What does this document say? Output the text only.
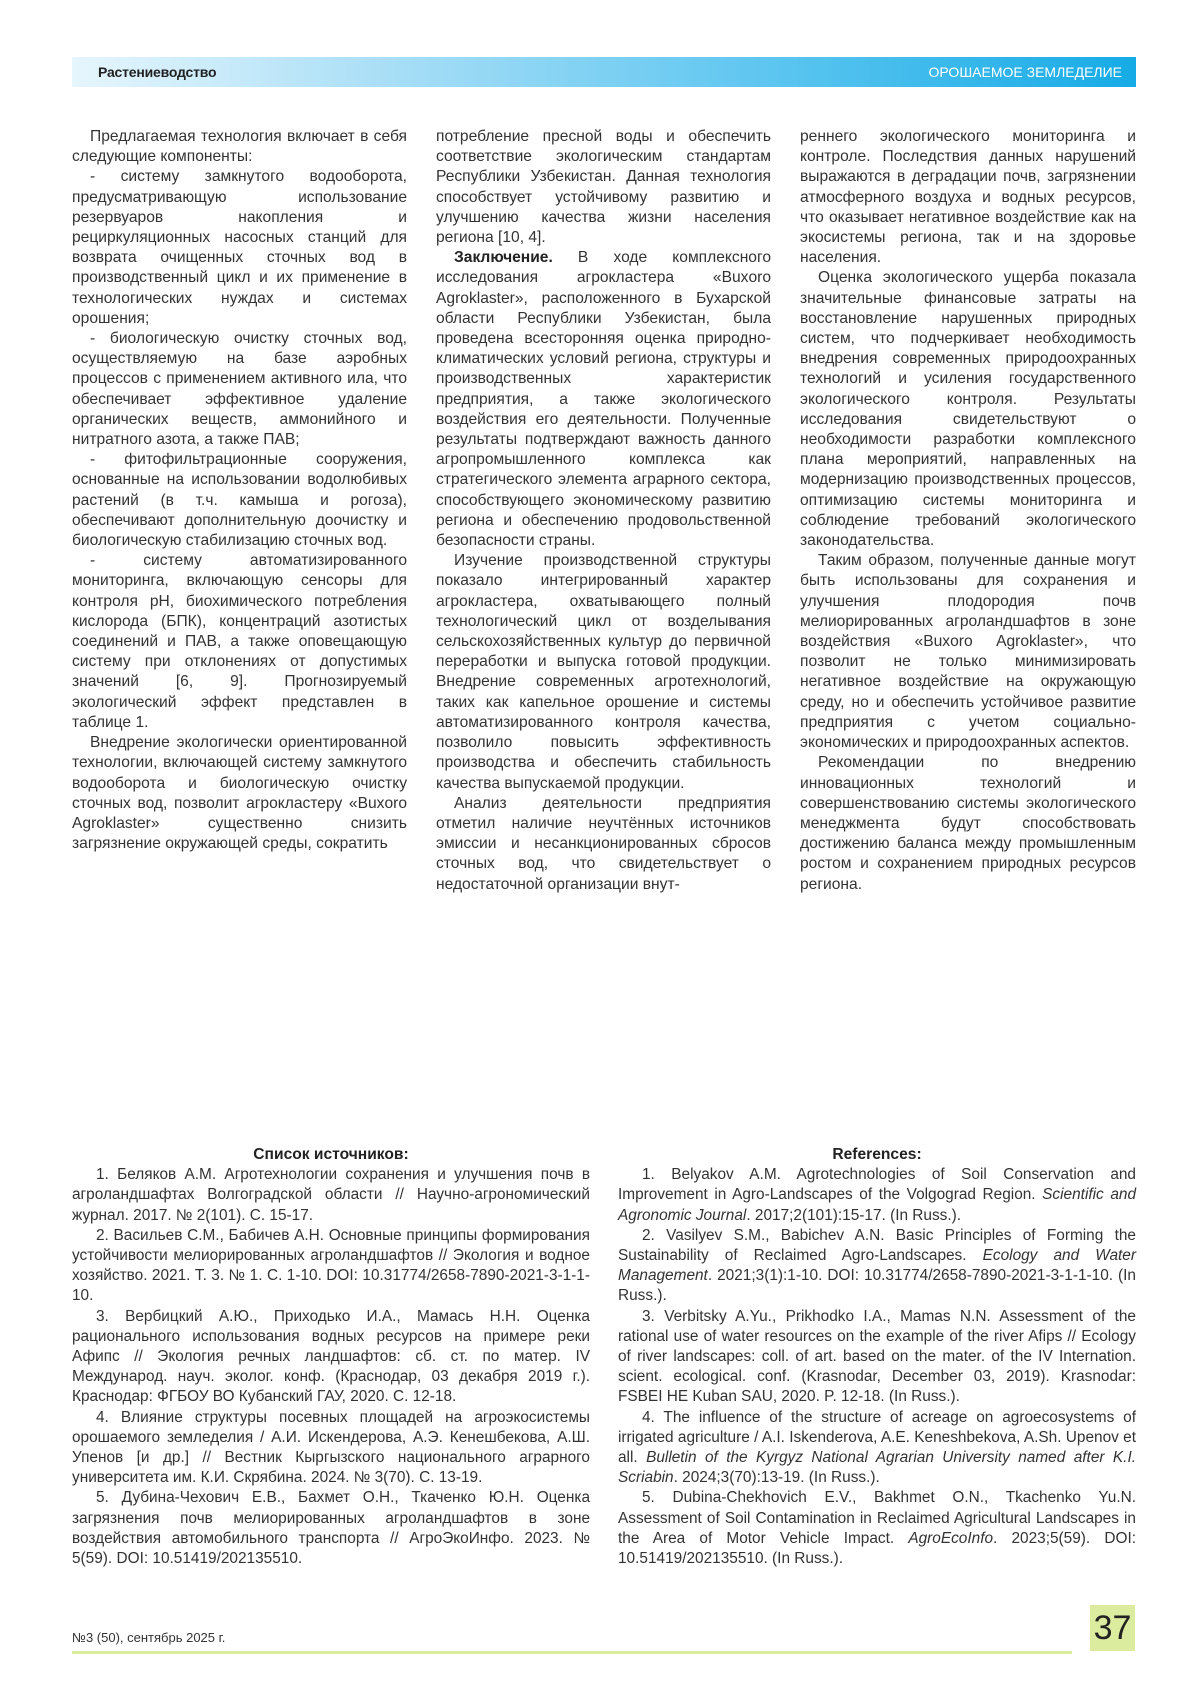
Растениеводство	ОРОШАЕМОЕ ЗЕМЛЕДЕЛИЕ

Предлагаемая технология включает в себя следующие компоненты:

- систему замкнутого водооборота, предусматривающую использование резервуаров накопления и рециркуляционных насосных станций для возврата очищенных сточных вод в производственный цикл и их применение в технологических нуждах и системах орошения;

- биологическую очистку сточных вод, осуществляемую на базе аэробных процессов с применением активного ила, что обеспечивает эффективное удаление органических веществ, аммонийного и нитратного азота, а также ПАВ;

- фитофильтрационные сооружения, основанные на использовании водолюбивых растений (в т.ч. камыша и рогоза), обеспечивают дополнительную доочистку и биологическую стабилизацию сточных вод.

- систему автоматизированного мониторинга, включающую сенсоры для контроля pH, биохимического потребления кислорода (БПК), концентраций азотистых соединений и ПАВ, а также оповещающую систему при отклонениях от допустимых значений [6, 9]. Прогнозируемый экологический эффект представлен в таблице 1.

Внедрение экологически ориентированной технологии, включающей систему замкнутого водооборота и биологическую очистку сточных вод, позволит агрокластеру «Buxoro Agroklaster» существенно снизить загрязнение окружающей среды, сократить

потребление пресной воды и обеспечить соответствие экологическим стандартам Республики Узбекистан. Данная технология способствует устойчивому развитию и улучшению качества жизни населения региона [10, 4].

Заключение. В ходе комплексного исследования агрокластера «Buxoro Agroklaster», расположенного в Бухарской области Республики Узбекистан, была проведена всесторонняя оценка природно-климатических условий региона, структуры и производственных характеристик предприятия, а также экологического воздействия его деятельности. Полученные результаты подтверждают важность данного агропромышленного комплекса как стратегического элемента аграрного сектора, способствующего экономическому развитию региона и обеспечению продовольственной безопасности страны.

Изучение производственной структуры показало интегрированный характер агрокластера, охватывающего полный технологический цикл от возделывания сельскохозяйственных культур до первичной переработки и выпуска готовой продукции. Внедрение современных агротехнологий, таких как капельное орошение и системы автоматизированного контроля качества, позволило повысить эффективность производства и обеспечить стабильность качества выпускаемой продукции.

Анализ деятельности предприятия отметил наличие неучтённых источников эмиссии и несанкционированных сбросов сточных вод, что свидетельствует о недостаточной организации внут-

реннего экологического мониторинга и контроле. Последствия данных нарушений выражаются в деградации почв, загрязнении атмосферного воздуха и водных ресурсов, что оказывает негативное воздействие как на экосистемы региона, так и на здоровье населения.

Оценка экологического ущерба показала значительные финансовые затраты на восстановление нарушенных природных систем, что подчеркивает необходимость внедрения современных природоохранных технологий и усиления государственного экологического контроля. Результаты исследования свидетельствуют о необходимости разработки комплексного плана мероприятий, направленных на модернизацию производственных процессов, оптимизацию системы мониторинга и соблюдение требований экологического законодательства.

Таким образом, полученные данные могут быть использованы для сохранения и улучшения плодородия почв мелиорированных агроландшафтов в зоне воздействия «Buxoro Agroklaster», что позволит не только минимизировать негативное воздействие на окружающую среду, но и обеспечить устойчивое развитие предприятия с учетом социально-экономических и природоохранных аспектов.

Рекомендации по внедрению инновационных технологий и совершенствованию системы экологического менеджмента будут способствовать достижению баланса между промышленным ростом и сохранением природных ресурсов региона.

Список источников:

1. Беляков А.М. Агротехнологии сохранения и улучшения почв в агроландшафтах Волгоградской области // Научно-агрономический журнал. 2017. № 2(101). С. 15-17.

2. Васильев С.М., Бабичев А.Н. Основные принципы формирования устойчивости мелиорированных агроландшафтов // Экология и водное хозяйство. 2021. Т. 3. № 1. С. 1-10. DOI: 10.31774/2658-7890-2021-3-1-1-10.

3. Вербицкий А.Ю., Приходько И.А., Мамась Н.Н. Оценка рационального использования водных ресурсов на примере реки Афипс // Экология речных ландшафтов: сб. ст. по матер. IV Международ. науч. эколог. конф. (Краснодар, 03 декабря 2019 г.). Краснодар: ФГБОУ ВО Кубанский ГАУ, 2020. С. 12-18.

4. Влияние структуры посевных площадей на агроэкосистемы орошаемого земледелия / А.И. Искендерова, А.Э. Кенешбекова, А.Ш. Упенов [и др.] // Вестник Кыргызского национального аграрного университета им. К.И. Скрябина. 2024. № 3(70). С. 13-19.

5. Дубина-Чехович Е.В., Бахмет О.Н., Ткаченко Ю.Н. Оценка загрязнения почв мелиорированных агроландшафтов в зоне воздействия автомобильного транспорта // АгроЭкоИнфо. 2023. № 5(59). DOI: 10.51419/202135510.

References:

1. Belyakov A.M. Agrotechnologies of Soil Conservation and Improvement in Agro-Landscapes of the Volgograd Region. Scientific and Agronomic Journal. 2017;2(101):15-17. (In Russ.).

2. Vasilyev S.M., Babichev A.N. Basic Principles of Forming the Sustainability of Reclaimed Agro-Landscapes. Ecology and Water Management. 2021;3(1):1-10. DOI: 10.31774/2658-7890-2021-3-1-1-10. (In Russ.).

3. Verbitsky A.Yu., Prikhodko I.A., Mamas N.N. Assessment of the rational use of water resources on the example of the river Afips // Ecology of river landscapes: coll. of art. based on the mater. of the IV Internation. scient. ecological. conf. (Krasnodar, December 03, 2019). Krasnodar: FSBEI HE Kuban SAU, 2020. P. 12-18. (In Russ.).

4. The influence of the structure of acreage on agroecosystems of irrigated agriculture / A.I. Iskenderova, A.E. Keneshbekova, A.Sh. Upenov et all. Bulletin of the Kyrgyz National Agrarian University named after K.I. Scriabin. 2024;3(70):13-19. (In Russ.).

5. Dubina-Chekhovich E.V., Bakhmet O.N., Tkachenko Yu.N. Assessment of Soil Contamination in Reclaimed Agricultural Landscapes in the Area of Motor Vehicle Impact. AgroEcoInfo. 2023;5(59). DOI: 10.51419/202135510. (In Russ.).

№3 (50), сентябрь 2025 г.	37
